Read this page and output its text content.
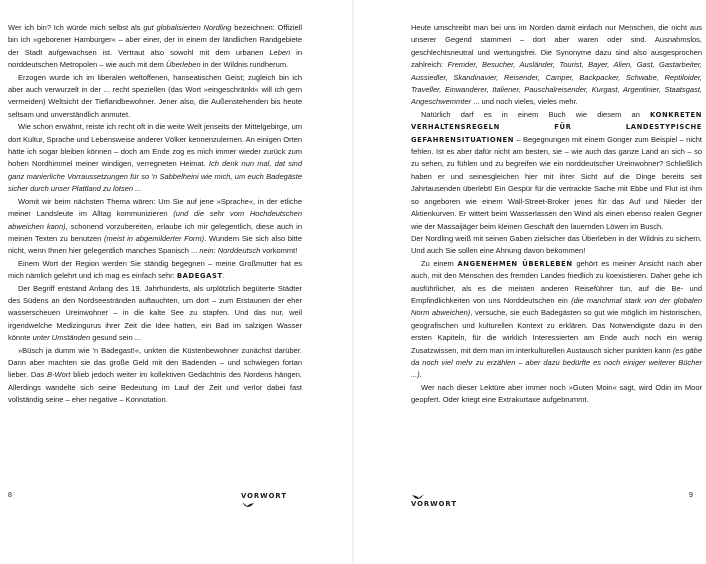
Wer ich bin? Ich würde mich selbst als gut globalisierten Nordling bezeichnen: Offiziell bin ich »geborener Hamburger« – aber einer, der in einem der ländlichen Randgebiete der Stadt aufgewachsen ist. Vertraut also sowohl mit dem urbanen Leben in norddeutschen Metropolen – wie auch mit dem Überleben in der Wildnis rundherum.

Erzogen wurde ich im liberalen weltoffenen, hanseatischen Geist; zugleich bin ich aber auch verwurzelt in der ... recht speziellen (das Wort »eingeschränkt« will ich gern vermeiden) Weltsicht der Tieflandbewohner. Jener also, die Außenstehenden bis heute seltsam und unverständlich anmutet.

Wie schon erwähnt, reiste ich recht oft in die weite Welt jenseits der Mittelgebirge, um dort Kultur, Sprache und Lebensweise anderer Völker kennenzulernen. An einigen Orten hätte ich sogar bleiben können – doch am Ende zog es mich immer wieder zurück zum hohen Nordhimmel meiner windigen, verregneten Heimat. Ich denk nun mal, dat sind ganz manierliche Vorraussetzungen für so 'n Sabbelheini wie mich, um euch Badegäste sicher durch unser Plattland zu lotsen ...

Womit wir beim nächsten Thema wären: Um Sie auf jene »Sprache«, in der etliche meiner Landsleute im Alltag kommunizieren (und die sehr vom Hochdeutschen abweichen kann), schonend vorzubereiten, erlaube ich mir gelegentlich, diese auch in meinen Texten zu benutzen (meist in abgemilderter Form). Wundern Sie sich also bitte nicht, wenn Ihnen hier gelegentlich manches Spanisch ... nein: Norddeutsch vorkommt!

Einem Wort der Region werden Sie ständig begegnen – meine Großmutter hat es mich nämlich gelehrt und ich mag es einfach sehr: BADEGAST.

Der Begriff entstand Anfang des 19. Jahrhunderts, als urplötzlich begüterte Städter des Südens an den Nordseestränden auftauchten, um dort – zum Erstaunen der eher wasserscheuen Ureinwohner – in die kalte See zu stapfen. Und das nur, weil irgendwelche Medizingurus ihrer Zeit die Idee hatten, ein Bad im salzigen Wasser könnte unter Umständen gesund sein ...

»Büsch ja dumm wie 'n Badegast!«, unkten die Küstenbewohner zunächst darüber. Dann aber machten sie das große Geld mit den Badenden – und schwiegen fortan lieber. Das B-Wort blieb jedoch weiter im kollektiven Gedächtnis des Nordens hängen. Allerdings wandelte sich seine Bedeutung im Lauf der Zeit und verlor dabei fast vollständig seine – eher negative – Konnotation.

8	VORWORT

Heute umschreibt man bei uns im Norden damit einfach nur Menschen, die nicht aus unserer Gegend stammen – dort aber waren oder sind. Ausnahmslos, geschlechtsneutral und wertungsfrei. Die Synonyme dazu sind also ausgesprochen zahlreich: Fremder, Besucher, Ausländer, Tourist, Bayer, Alien, Gast, Gastarbeiter, Aussiedler, Skandinavier, Reisender, Camper, Backpacker, Schwabe, Reptiloider, Traveller, Einwanderer, Italiener, Pauschalreisender, Kurgast, Argentinier, Staatsgast, Angeschwemmter ... und noch vieles, vieles mehr.

Natürlich darf es in einem Buch wie diesem an KONKRETEN VERHALTENSREGELN FÜR LANDESTYPISCHE GEFAHRENSITUATIONEN – Begegnungen mit einem Gonger zum Beispiel – nicht fehlen. Ist es aber dafür nicht am besten, sie – wie auch das ganze Land an sich – so zu sehen, zu fühlen und zu begreifen wie ein norddeutscher Ureinwohner? Schließlich haben er und seinesgleichen hier mit ihrer Sicht auf die Dinge bereits seit Jahrtausenden überlebt! Ein Gespür für die vertrackte Sache mit Ebbe und Flut ist ihm so angeboren wie einem Wall-Street-Broker jenes für das Auf und Nieder der Aktienkurven. Er wittert beim Wasserlassen den Wind als einen ebenso realen Gegner wie der Massaijäger beim kleinen Geschäft den lauernden Löwen im Busch.

Der Nordling weiß mit seinen Gaben zielsicher das Überleben in der Wildnis zu sichern. Und auch Sie sollen eine Ahnung davon bekommen!

Zu einem ANGENEHMEN ÜBERLEBEN gehört es meiner Ansicht nach aber auch, mit den Menschen des fremden Landes friedlich zu koexistieren. Daher gehe ich ausführlicher, als es die meisten anderen Reiseführer tun, auf die Be- und Empfindlichkeiten von uns Norddeutschen ein (die manchmal stark von der globalen Norm abweichen), versuche, sie euch Badegästen so gut wie möglich im historischen, geografischen und kulturellen Kontext zu erklären. Das Notwendigste dazu in den ersten Kapiteln, für die wirklich Interessierten am Ende auch noch ein wenig Zusatzwissen, mit dem man im interkulturellen Austausch sicher punkten kann (es gäbe da noch viel mehr zu erzählen – aber dazu bedürfte es noch einiger weiterer Bücher ...).

Wer nach dieser Lektüre aber immer noch »Guten Moin« sagt, wird Odin im Moor geopfert. Oder kriegt eine Extrakurtaxe aufgebrummt.

VORWORT
9
